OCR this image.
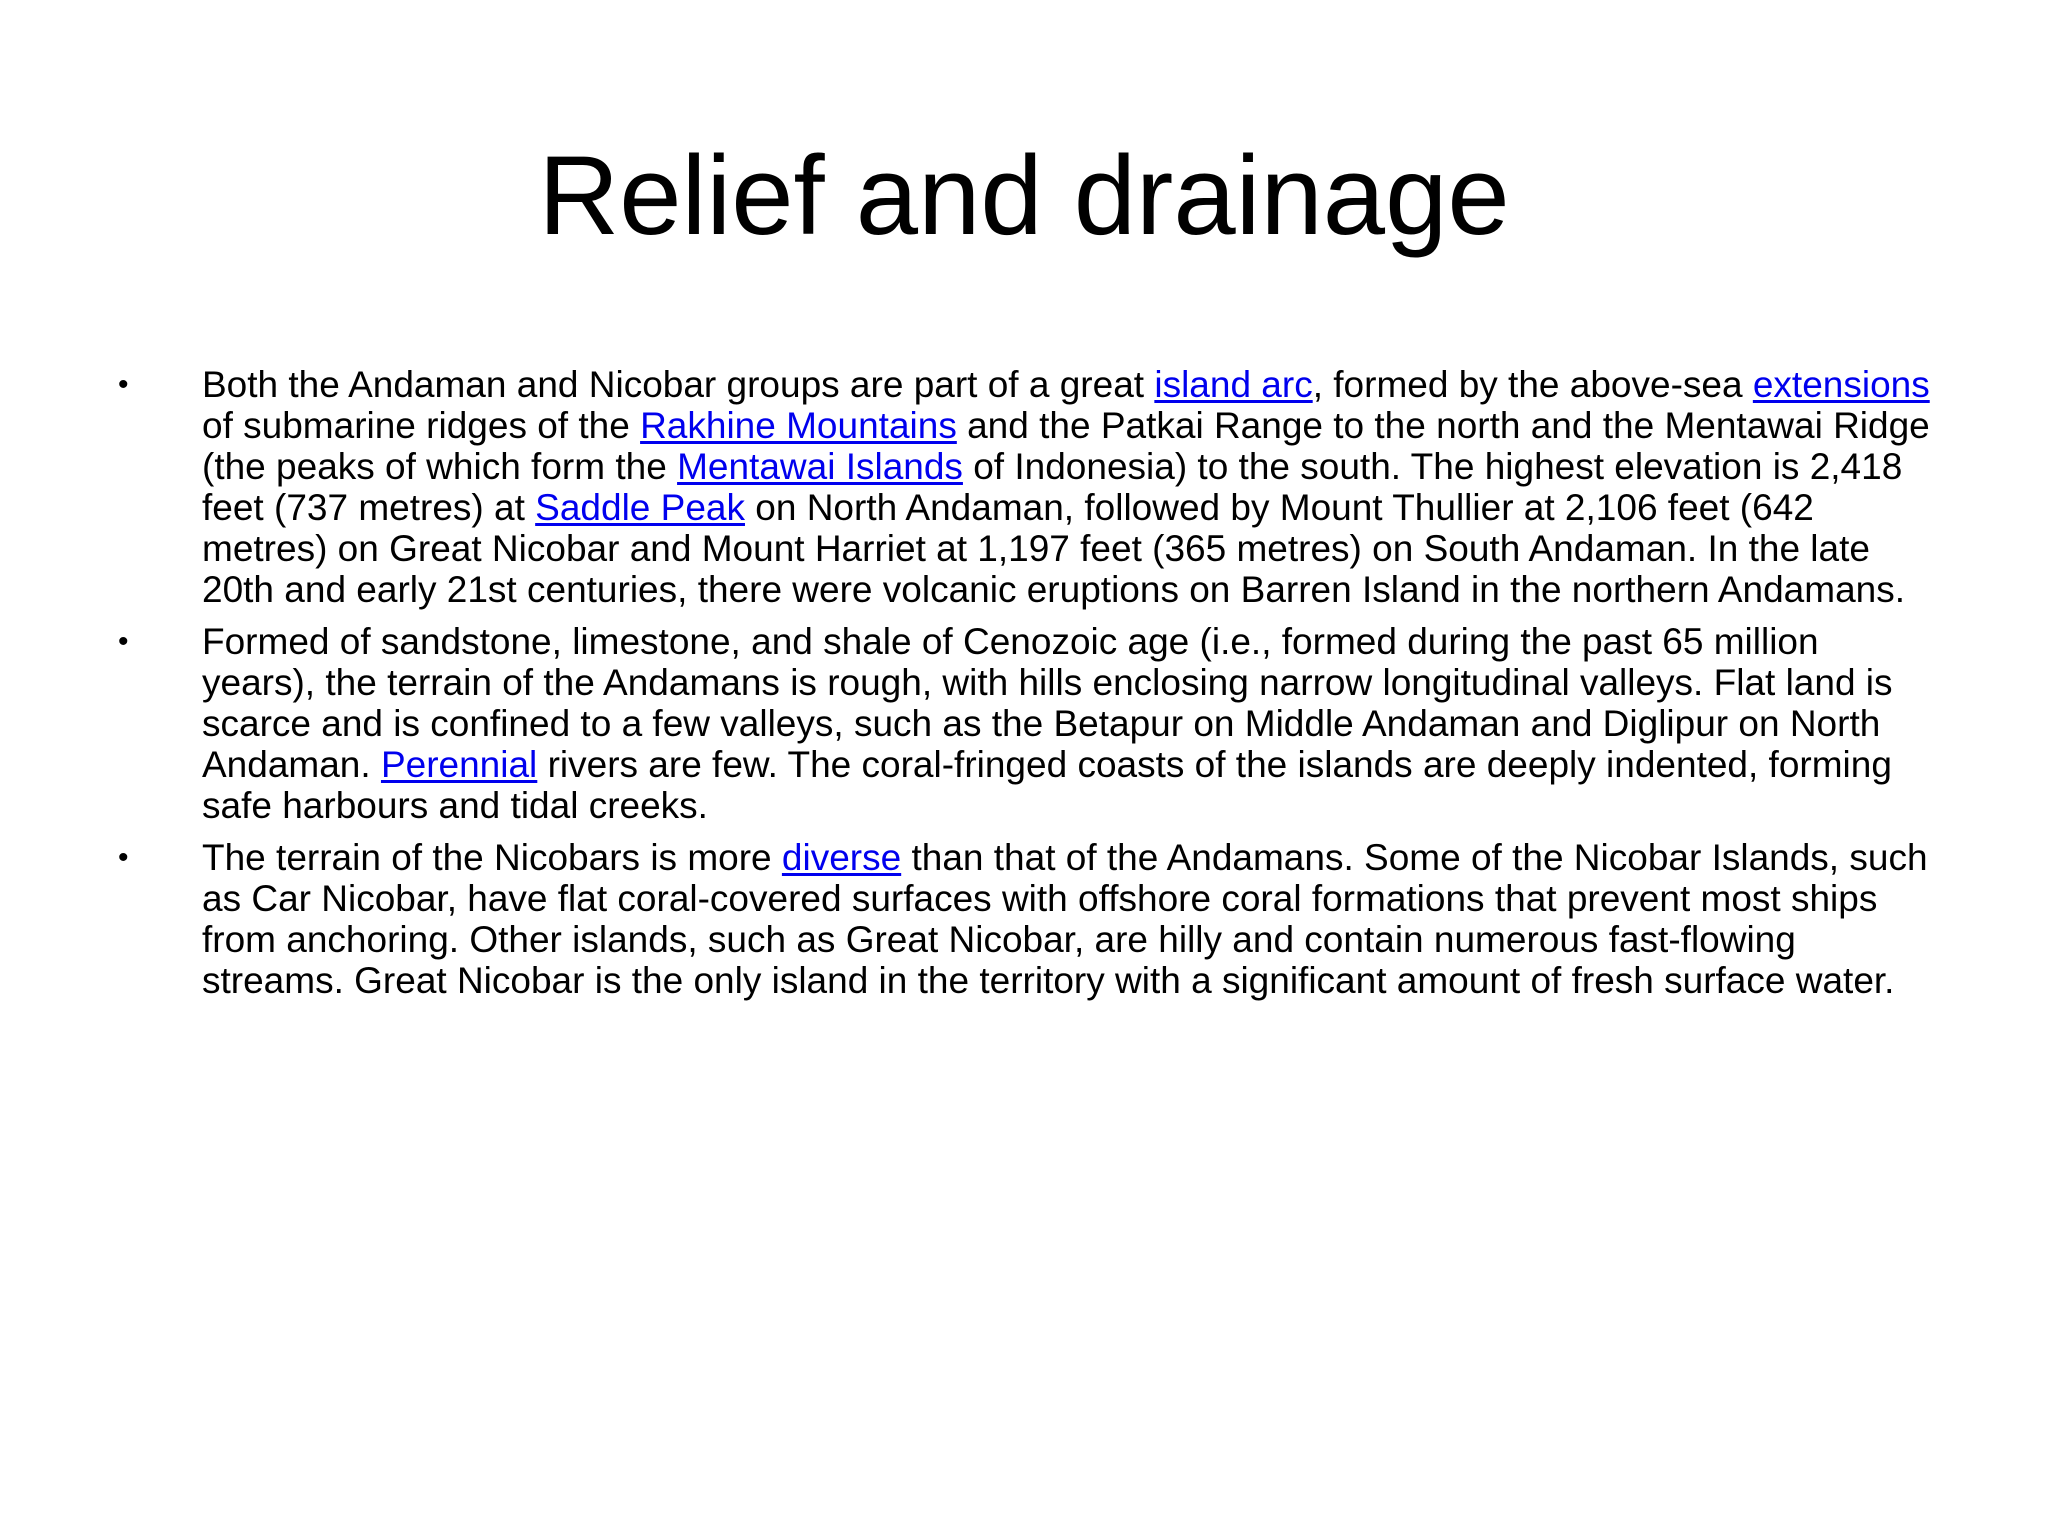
Relief and drainage
•	Both the Andaman and Nicobar groups are part of a great island arc, formed by the above-sea extensions of submarine ridges of the Rakhine Mountains and the Patkai Range to the north and the Mentawai Ridge (the peaks of which form the Mentawai Islands of Indonesia) to the south. The highest elevation is 2,418 feet (737 metres) at Saddle Peak on North Andaman, followed by Mount Thullier at 2,106 feet (642 metres) on Great Nicobar and Mount Harriet at 1,197 feet (365 metres) on South Andaman. In the late 20th and early 21st centuries, there were volcanic eruptions on Barren Island in the northern Andamans.
•	Formed of sandstone, limestone, and shale of Cenozoic age (i.e., formed during the past 65 million years), the terrain of the Andamans is rough, with hills enclosing narrow longitudinal valleys. Flat land is scarce and is confined to a few valleys, such as the Betapur on Middle Andaman and Diglipur on North Andaman. Perennial rivers are few. The coral-fringed coasts of the islands are deeply indented, forming safe harbours and tidal creeks.
•	The terrain of the Nicobars is more diverse than that of the Andamans. Some of the Nicobar Islands, such as Car Nicobar, have flat coral-covered surfaces with offshore coral formations that prevent most ships from anchoring. Other islands, such as Great Nicobar, are hilly and contain numerous fast-flowing streams. Great Nicobar is the only island in the territory with a significant amount of fresh surface water.
